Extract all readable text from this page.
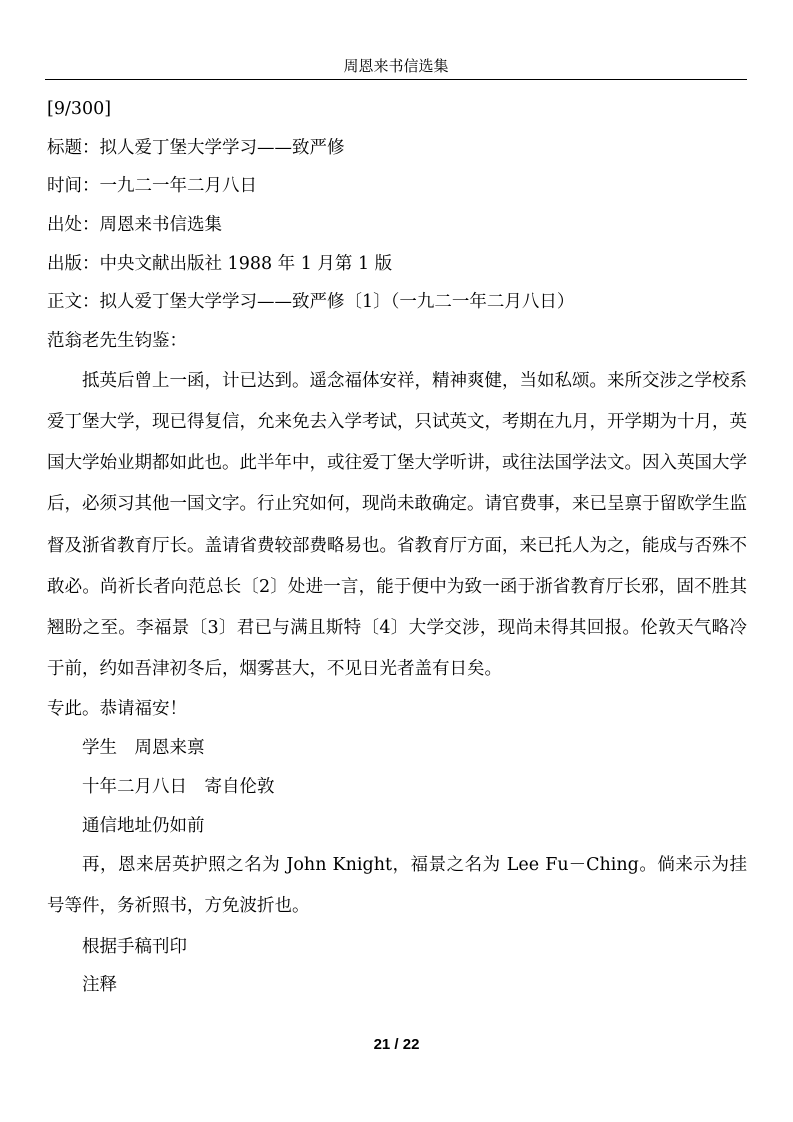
周恩来书信选集
[9/300]
标题：拟人爱丁堡大学学习——致严修
时间：一九二一年二月八日
出处：周恩来书信选集
出版：中央文献出版社 1988 年 1 月第 1 版
正文：拟人爱丁堡大学学习——致严修〔1〕（一九二一年二月八日）
范翁老先生钧鉴：

抵英后曾上一函，计已达到。遥念福体安祥，精神爽健，当如私颂。来所交涉之学校系爱丁堡大学，现已得复信，允来免去入学考试，只试英文，考期在九月，开学期为十月，英国大学始业期都如此也。此半年中，或往爱丁堡大学听讲，或往法国学法文。因入英国大学后，必须习其他一国文字。行止究如何，现尚未敢确定。请官费事，来已呈禀于留欧学生监督及浙省教育厅长。盖请省费较部费略易也。省教育厅方面，来已托人为之，能成与否殊不敢必。尚祈长者向范总长〔2〕处进一言，能于便中为致一函于浙省教育厅长邪，固不胜其翘盼之至。李福景〔3〕君已与满且斯特〔4〕大学交涉，现尚未得其回报。伦敦天气略冷于前，约如吾津初冬后，烟雾甚大，不见日光者盖有日矣。

专此。恭请福安！
学生　周恩来禀
十年二月八日　寄自伦敦
通信地址仍如前

再，恩来居英护照之名为 John Knight，福景之名为 Lee Fu－Ching。倘来示为挂号等件，务祈照书，方免波折也。

根据手稿刊印
注释
21 / 22
